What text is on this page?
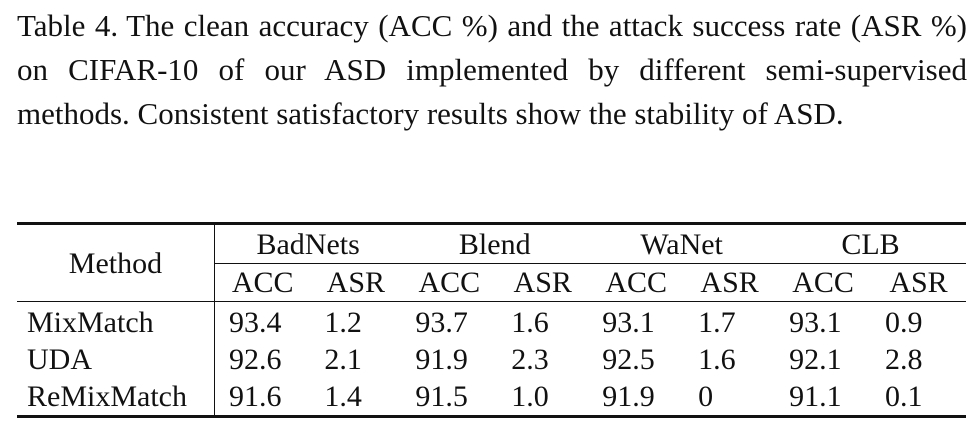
Table 4. The clean accuracy (ACC %) and the attack success rate (ASR %) on CIFAR-10 of our ASD implemented by different semi-supervised methods. Consistent satisfactory results show the stability of ASD.
Method	BadNets		Blend		WaNet		CLB	
	ACC	ASR	ACC	ASR	ACC	ASR	ACC	ASR
MixMatch	93.4	1.2	93.7	1.6	93.1	1.7	93.1	0.9
UDA	92.6	2.1	91.9	2.3	92.5	1.6	92.1	2.8
ReMixMatch	91.6	1.4	91.5	1.0	91.9	0	91.1	0.1
